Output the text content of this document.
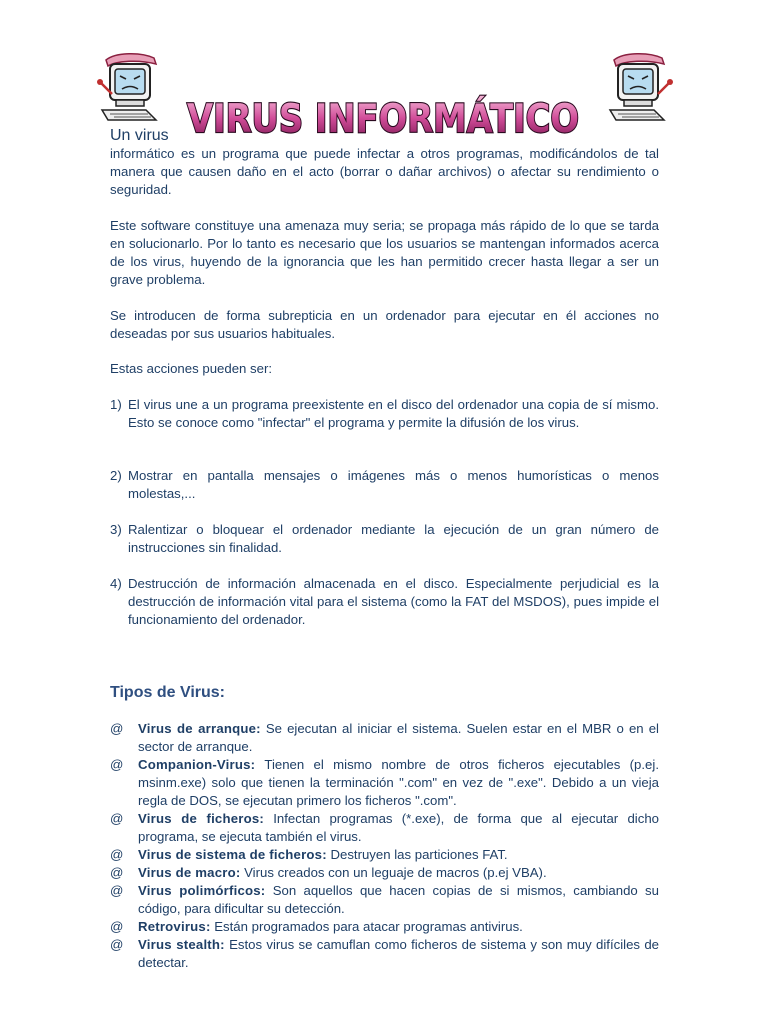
VIRUS INFORMÁTICO
Un virus

informático es un programa que puede infectar a otros programas, modificándolos de tal manera que causen daño en el acto (borrar o dañar archivos) o afectar su rendimiento o seguridad.

Este software constituye una amenaza muy seria; se propaga más rápido de lo que se tarda en solucionarlo. Por lo tanto es necesario que los usuarios se mantengan informados acerca de los virus, huyendo de la ignorancia que les han permitido crecer hasta llegar a ser un grave problema.

Se introducen de forma subrepticia en un ordenador para ejecutar en él acciones no deseadas por sus usuarios habituales.

Estas acciones pueden ser:

1) El virus une a un programa preexistente en el disco del ordenador una copia de sí mismo. Esto se conoce como "infectar" el programa y permite la difusión de los virus.
2) Mostrar en pantalla mensajes o imágenes más o menos humorísticas o menos molestas,...
3) Ralentizar o bloquear el ordenador mediante la ejecución de un gran número de instrucciones sin finalidad.
4) Destrucción de información almacenada en el disco. Especialmente perjudicial es la destrucción de información vital para el sistema (como la FAT del MSDOS), pues impide el funcionamiento del ordenador.
Tipos de Virus:
@ Virus de arranque: Se ejecutan al iniciar el sistema. Suelen estar en el MBR o en el sector de arranque.
@ Companion-Virus: Tienen el mismo nombre de otros ficheros ejecutables (p.ej. msinm.exe) solo que tienen la terminación ".com" en vez de ".exe". Debido a un vieja regla de DOS, se ejecutan primero los ficheros ".com".
@ Virus de ficheros: Infectan programas (*.exe), de forma que al ejecutar dicho programa, se ejecuta también el virus.
@ Virus de sistema de ficheros: Destruyen las particiones FAT.
@ Virus de macro: Virus creados con un leguaje de macros (p.ej VBA).
@ Virus polimórficos: Son aquellos que hacen copias de si mismos, cambiando su código, para dificultar su detección.
@ Retrovirus: Están programados para atacar programas antivirus.
@ Virus stealth: Estos virus se camuflan como ficheros de sistema y son muy difíciles de detectar.
